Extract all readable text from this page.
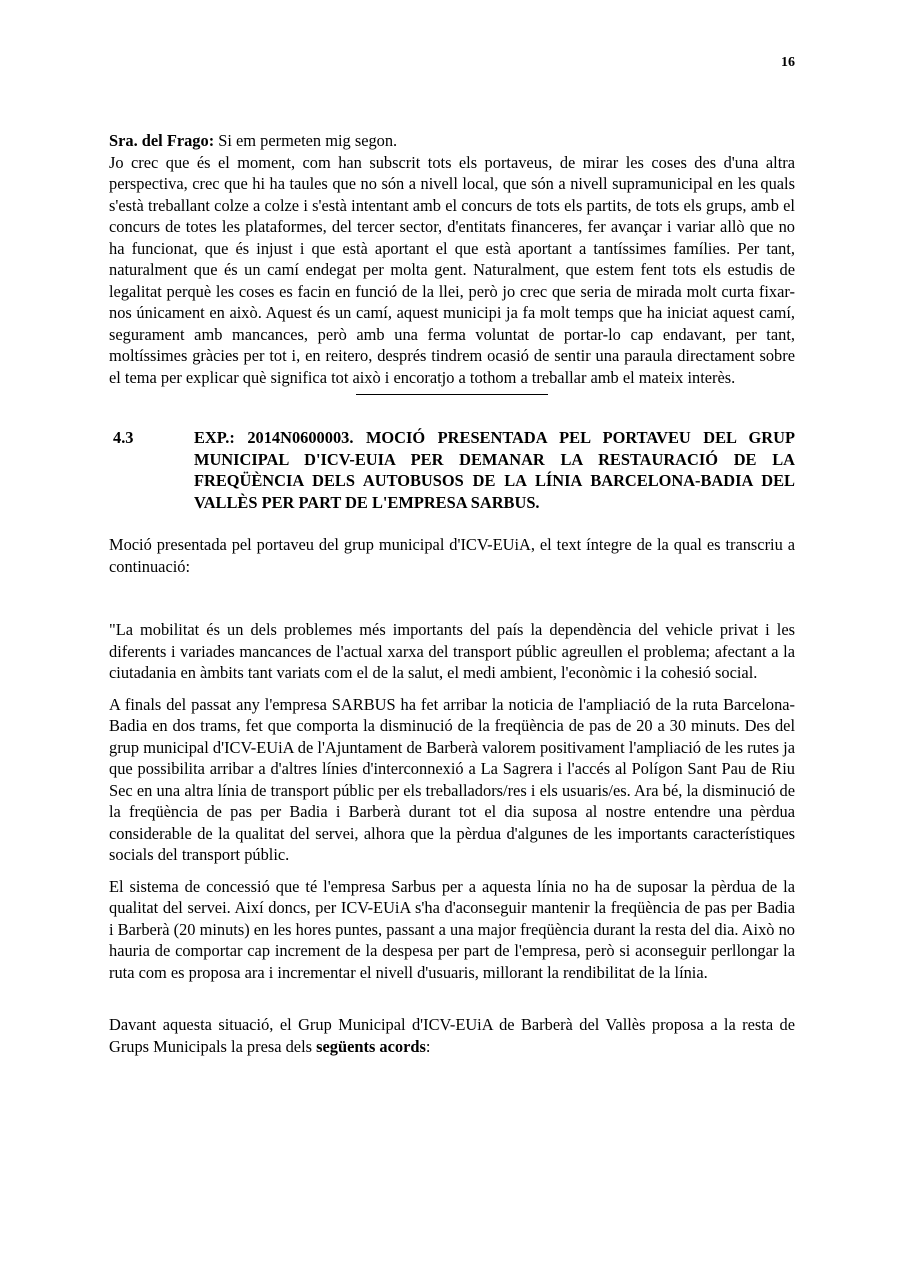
16

Sra. del Frago: Si em permeten mig segon.

Jo crec que és el moment, com han subscrit tots els portaveus, de mirar les coses des d'una altra perspectiva, crec que hi ha taules que no són a nivell local, que són a nivell supramunicipal en les quals s'està treballant colze a colze i s'està intentant amb el concurs de tots els partits, de tots els grups, amb el concurs de totes les plataformes, del tercer sector, d'entitats financeres, fer avançar i variar allò que no ha funcionat, que és injust i que està aportant el que està aportant a tantíssimes famílies. Per tant, naturalment que és un camí endegat per molta gent. Naturalment, que estem fent tots els estudis de legalitat perquè les coses es facin en funció de la llei, però jo crec que seria de mirada molt curta fixar-nos únicament en això. Aquest és un camí, aquest municipi ja fa molt temps que ha iniciat aquest camí, segurament amb mancances, però amb una ferma voluntat de portar-lo cap endavant, per tant, moltíssimes gràcies per tot i, en reitero, després tindrem ocasió de sentir una paraula directament sobre el tema per explicar què significa tot això i encoratjo a tothom a treballar amb el mateix interès.

4.3	EXP.: 2014N0600003. MOCIÓ PRESENTADA PEL PORTAVEU DEL GRUP MUNICIPAL D'ICV-EUIA PER DEMANAR LA RESTAURACIÓ DE LA FREQÜÈNCIA DELS AUTOBUSOS DE LA LÍNIA BARCELONA-BADIA DEL VALLÈS PER PART DE L'EMPRESA SARBUS.

Moció presentada pel portaveu del grup municipal d'ICV-EUiA, el text íntegre de la qual es transcriu a continuació:

"La mobilitat és un dels problemes més importants del país la dependència del vehicle privat i les diferents i variades mancances de l'actual xarxa del transport públic agreullen el problema; afectant a la ciutadania en àmbits tant variats com el de la salut, el medi ambient, l'econòmic i la cohesió social.

A finals del passat any l'empresa SARBUS ha fet arribar la noticia de l'ampliació de la ruta Barcelona-Badia en dos trams, fet que comporta la disminució de la freqüència de pas de 20 a 30 minuts. Des del grup municipal d'ICV-EUiA de l'Ajuntament de Barberà valorem positivament l'ampliació de les rutes ja que possibilita arribar a d'altres línies d'interconnexió a La Sagrera i l'accés al Polígon Sant Pau de Riu Sec en una altra línia de transport públic per els treballadors/res i els usuaris/es. Ara bé, la disminució de la freqüència de pas per Badia i Barberà durant tot el dia suposa al nostre entendre una pèrdua considerable de la qualitat del servei, alhora que la pèrdua d'algunes de les importants característiques socials del transport públic.

El sistema de concessió que té l'empresa Sarbus per a aquesta línia no ha de suposar la pèrdua de la qualitat del servei. Així doncs, per ICV-EUiA s'ha d'aconseguir mantenir la freqüència de pas per Badia i Barberà (20 minuts) en les hores puntes, passant a una major freqüència durant la resta del dia. Això no hauria de comportar cap increment de la despesa per part de l'empresa, però si aconseguir perllongar la ruta com es proposa ara i incrementar el nivell d'usuaris, millorant la rendibilitat de la línia.

Davant aquesta situació, el Grup Municipal d'ICV-EUiA de Barberà del Vallès proposa a la resta de Grups Municipals la presa dels següents acords:
